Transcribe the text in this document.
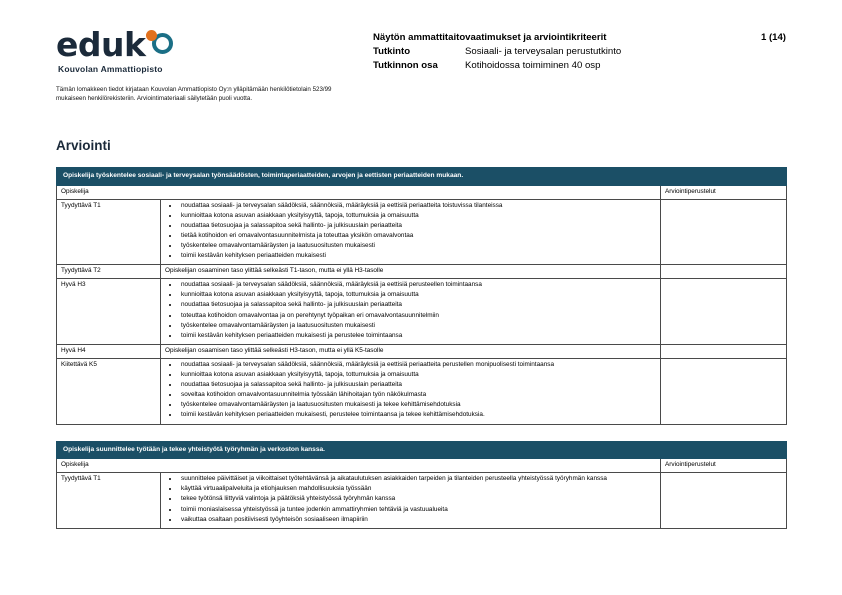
eduk
Kouvolan Ammattiopisto
Tämän lomakkeen tiedot kirjataan Kouvolan Ammattiopisto Oy:n ylläpitämään henkilötietolain 523/99 mukaiseen henkilörekisteriin. Arviointimateriaali säilytetään puoli vuotta.
Näytön ammattitaitovaatimukset ja arviointikriteerit	1 (14)
Tutkinto	Sosiaali- ja terveysalan perustutkinto
Tutkinnon osa	Kotihoidossa toimiminen 40 osp
Arviointi
Opiskelija työskentelee sosiaali- ja terveysalan työnsäädösten, toimintaperiaatteiden, arvojen ja eettisten periaatteiden mukaan.		
Opiskelija		Arviointiperustelut
Tyydyttävä T1	
•noudattaa sosiaali- ja terveysalan säädöksiä, säännöksiä, määräyksiä ja eettisiä periaatteita toistuvissa tilanteissa
• kunnioittaa kotona asuvan asiakkaan yksityisyyttä, tapoja, tottumuksia ja omaisuutta
• noudattaa tietosuojaa ja salassapitoa sekä hallinto- ja julkisuuslain periaatteita
• tietää kotihoidon eri omavalvontasuunnitelmista ja toteuttaa yksikön omavalvontaa
• työskentelee omavalvontamääräysten ja laatusuositusten mukaisesti
• toimii kestävän kehityksen periaatteiden mukaisesti

Tyydyttävä T2	Opiskelijan osaaminen taso ylittää selkeästi T1-tason, mutta ei yllä H3-tasolle	
Hyvä H3	
•noudattaa sosiaali- ja terveysalan säädöksiä, säännöksiä, määräyksiä ja eettisiä perusteellen toimintaansa
• kunnioittaa kotona asuvan asiakkaan yksityisyyttä, tapoja, tottumuksia ja omaisuutta
• noudattaa tietosuojaa ja salassapitoa sekä hallinto- ja julkisuuslain periaatteita
• toteuttaa kotihoidon omavalvontaa ja on perehtynyt työpaikan eri omavalvontasuunnitelmiin
• työskentelee omavalvontamääräysten ja laatusuositusten mukaisesti
• toimii kestävän kehityksen periaatteiden mukaisesti ja perustelee toimintaansa

Hyvä H4	Opiskelijan osaamisen taso ylittää selkeästi H3-tason, mutta ei yllä K5-tasolle	
Kiitettävä K5	
•noudattaa sosiaali- ja terveysalan säädöksiä, säännöksiä, määräyksiä ja eettisiä periaatteita perustellen monipuolisesti toimintaansa
• kunnioittaa kotona asuvan asiakkaan yksityisyyttä, tapoja, tottumuksia ja omaisuutta
• noudattaa tietosuojaa ja salassapitoa sekä hallinto- ja julkisuuslain periaatteita
• soveltaa kotihoidon omavalvontasuunnitelmia työssään lähihoitajan työn näkökulmasta
• työskentelee omavalvontamääräysten ja laatusuositusten mukaisesti ja tekee kehittämisehdotuksia
• toimii kestävän kehityksen periaatteiden mukaisesti, perustelee toimintaansa ja tekee kehittämisehdotuksia.

Opiskelija suunnittelee työtään ja tekee yhteistyötä työryhmän ja verkoston kanssa.		
Opiskelija		Arviointiperustelut
Tyydyttävä T1	
•suunnittelee päivittäiset ja viikoittaiset työtehtävänsä ja aikataulutuksen asiakkaiden tarpeiden ja tilanteiden perusteella yhteistyössä työryhmän kanssa
• käyttää virtuaalipalveluita ja etiohjauksen mahdollisuuksia työssään
• tekee työtönsä liittyviä valintoja ja päätöksiä yhteistyössä työryhmän kanssa
• toimii moniaslaisessa yhteistyössä ja tuntee jodenkin ammattiryhmien tehtäviä ja vastuualueita
• vaikuttaa osaltaan positiivisesti työyhteisön sosiaaliseen ilmapiiriin
